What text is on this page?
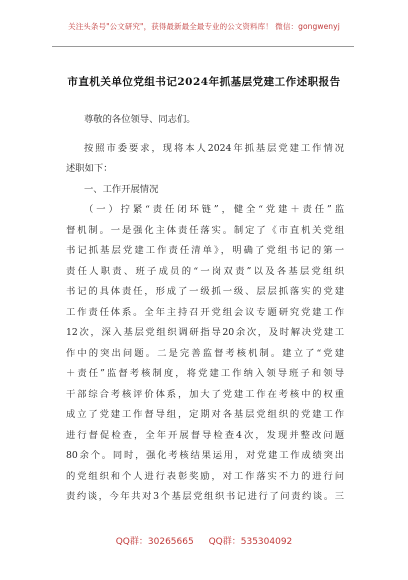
关注头条号"公文研究"，获得最新最全最专业的公文资料库！ 微信：gongwenyj
市直机关单位党组书记2024年抓基层党建工作述职报告
尊敬的各位领导、同志们。
按照市委要求，现将本人2024年抓基层党建工作情况
述职如下：
一、工作开展情况
（一）拧紧“责任闭环链”，健全“党建＋责任”监
督机制。一是强化主体责任落实。制定了《市直机关党组
书记抓基层党建工作责任清单》，明确了党组书记的第一
责任人职责、班子成员的“一岗双责”以及各基层党组织
书记的具体责任，形成了一级抓一级、层层抓落实的党建
工作责任体系。全年主持召开党组会议专题研究党建工作
12次，深入基层党组织调研指导20余次，及时解决党建工
作中的突出问题。二是完善监督考核机制。建立了“党建
＋责任”监督考核制度，将党建工作纳入领导班子和领导
干部综合考核评价体系，加大了党建工作在考核中的权重
成立了党建工作督导组，定期对各基层党组织的党建工作
进行督促检查，全年开展督导检查4次，发现并整改问题
80余个。同时，强化考核结果运用，对党建工作成绩突出
的党组织和个人进行表彰奖励，对工作落实不力的进行问
责约谈，今年共对3个基层党组织书记进行了问责约谈。三
QQ群：30265665 QQ群：535304092
